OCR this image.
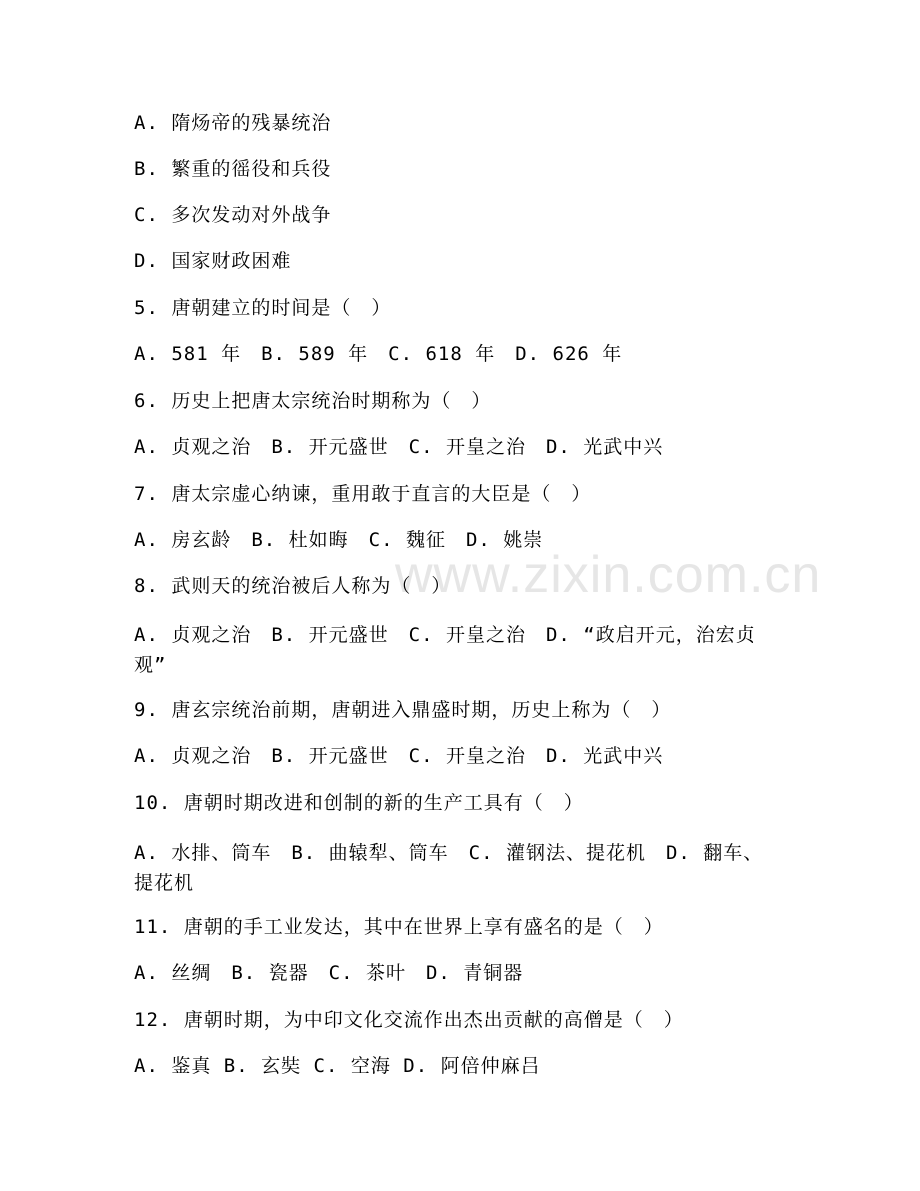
www.zixin.com.cn
A. 隋炀帝的残暴统治
B. 繁重的徭役和兵役
C. 多次发动对外战争
D. 国家财政困难
5. 唐朝建立的时间是（　）
A. 581 年　B. 589 年　C. 618 年　D. 626 年
6. 历史上把唐太宗统治时期称为（　）
A. 贞观之治　B. 开元盛世　C. 开皇之治　D. 光武中兴
7. 唐太宗虚心纳谏，重用敢于直言的大臣是（　）
A. 房玄龄　B. 杜如晦　C. 魏征　D. 姚崇
8. 武则天的统治被后人称为（　）
A. 贞观之治　B. 开元盛世　C. 开皇之治　D. “政启开元，治宏贞观”
9. 唐玄宗统治前期，唐朝进入鼎盛时期，历史上称为（　）
A. 贞观之治　B. 开元盛世　C. 开皇之治　D. 光武中兴
10. 唐朝时期改进和创制的新的生产工具有（　）
A. 水排、筒车　B. 曲辕犁、筒车　C. 灌钢法、提花机　D. 翻车、提花机
11. 唐朝的手工业发达，其中在世界上享有盛名的是（　）
A. 丝绸　B. 瓷器　C. 茶叶　D. 青铜器
12. 唐朝时期，为中印文化交流作出杰出贡献的高僧是（　）
A. 鉴真 B. 玄奘 C. 空海 D. 阿倍仲麻吕
